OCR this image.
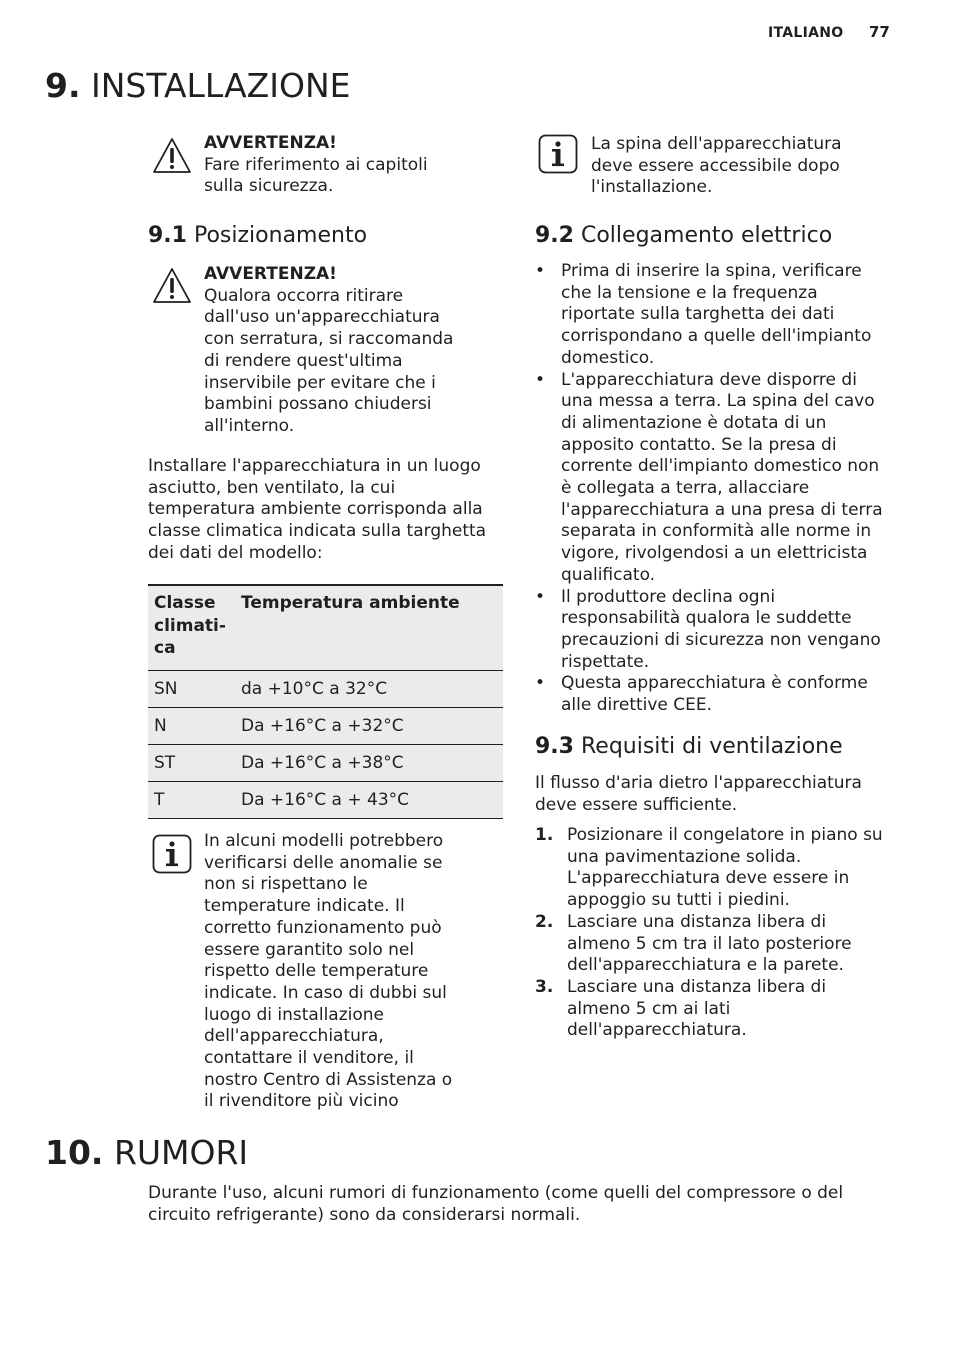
ITALIANO 77
9. INSTALLAZIONE
AVVERTENZA!
Fare riferimento ai capitoli sulla sicurezza.
9.1 Posizionamento
AVVERTENZA!
Qualora occorra ritirare dall'uso un'apparecchiatura con serratura, si raccomanda di rendere quest'ultima inservibile per evitare che i bambini possano chiudersi all'interno.
Installare l'apparecchiatura in un luogo asciutto, ben ventilato, la cui temperatura ambiente corrisponda alla classe climatica indicata sulla targhetta dei dati del modello:
Classe
climati-
ca	Temperatura ambiente
SN	da +10°C a 32°C
N	Da +16°C a +32°C
ST	Da +16°C a +38°C
T	Da +16°C a + 43°C
In alcuni modelli potrebbero verificarsi delle anomalie se non si rispettano le temperature indicate. Il corretto funzionamento può essere garantito solo nel rispetto delle temperature indicate. In caso di dubbi sul luogo di installazione dell'apparecchiatura, contattare il venditore, il nostro Centro di Assistenza o il rivenditore più vicino
La spina dell'apparecchiatura deve essere accessibile dopo l'installazione.
9.2 Collegamento elettrico
• Prima di inserire la spina, verificare che la tensione e la frequenza riportate sulla targhetta dei dati corrispondano a quelle dell'impianto domestico.
• L'apparecchiatura deve disporre di una messa a terra. La spina del cavo di alimentazione è dotata di un apposito contatto. Se la presa di corrente dell'impianto domestico non è collegata a terra, allacciare l'apparecchiatura a una presa di terra separata in conformità alle norme in vigore, rivolgendosi a un elettricista qualificato.
• Il produttore declina ogni responsabilità qualora le suddette precauzioni di sicurezza non vengano rispettate.
• Questa apparecchiatura è conforme alle direttive CEE.
9.3 Requisiti di ventilazione
Il flusso d'aria dietro l'apparecchiatura deve essere sufficiente.
1. Posizionare il congelatore in piano su una pavimentazione solida. L'apparecchiatura deve essere in appoggio su tutti i piedini.
2. Lasciare una distanza libera di almeno 5 cm tra il lato posteriore dell'apparecchiatura e la parete.
3. Lasciare una distanza libera di almeno 5 cm ai lati dell'apparecchiatura.
10. RUMORI
Durante l'uso, alcuni rumori di funzionamento (come quelli del compressore o del circuito refrigerante) sono da considerarsi normali.
